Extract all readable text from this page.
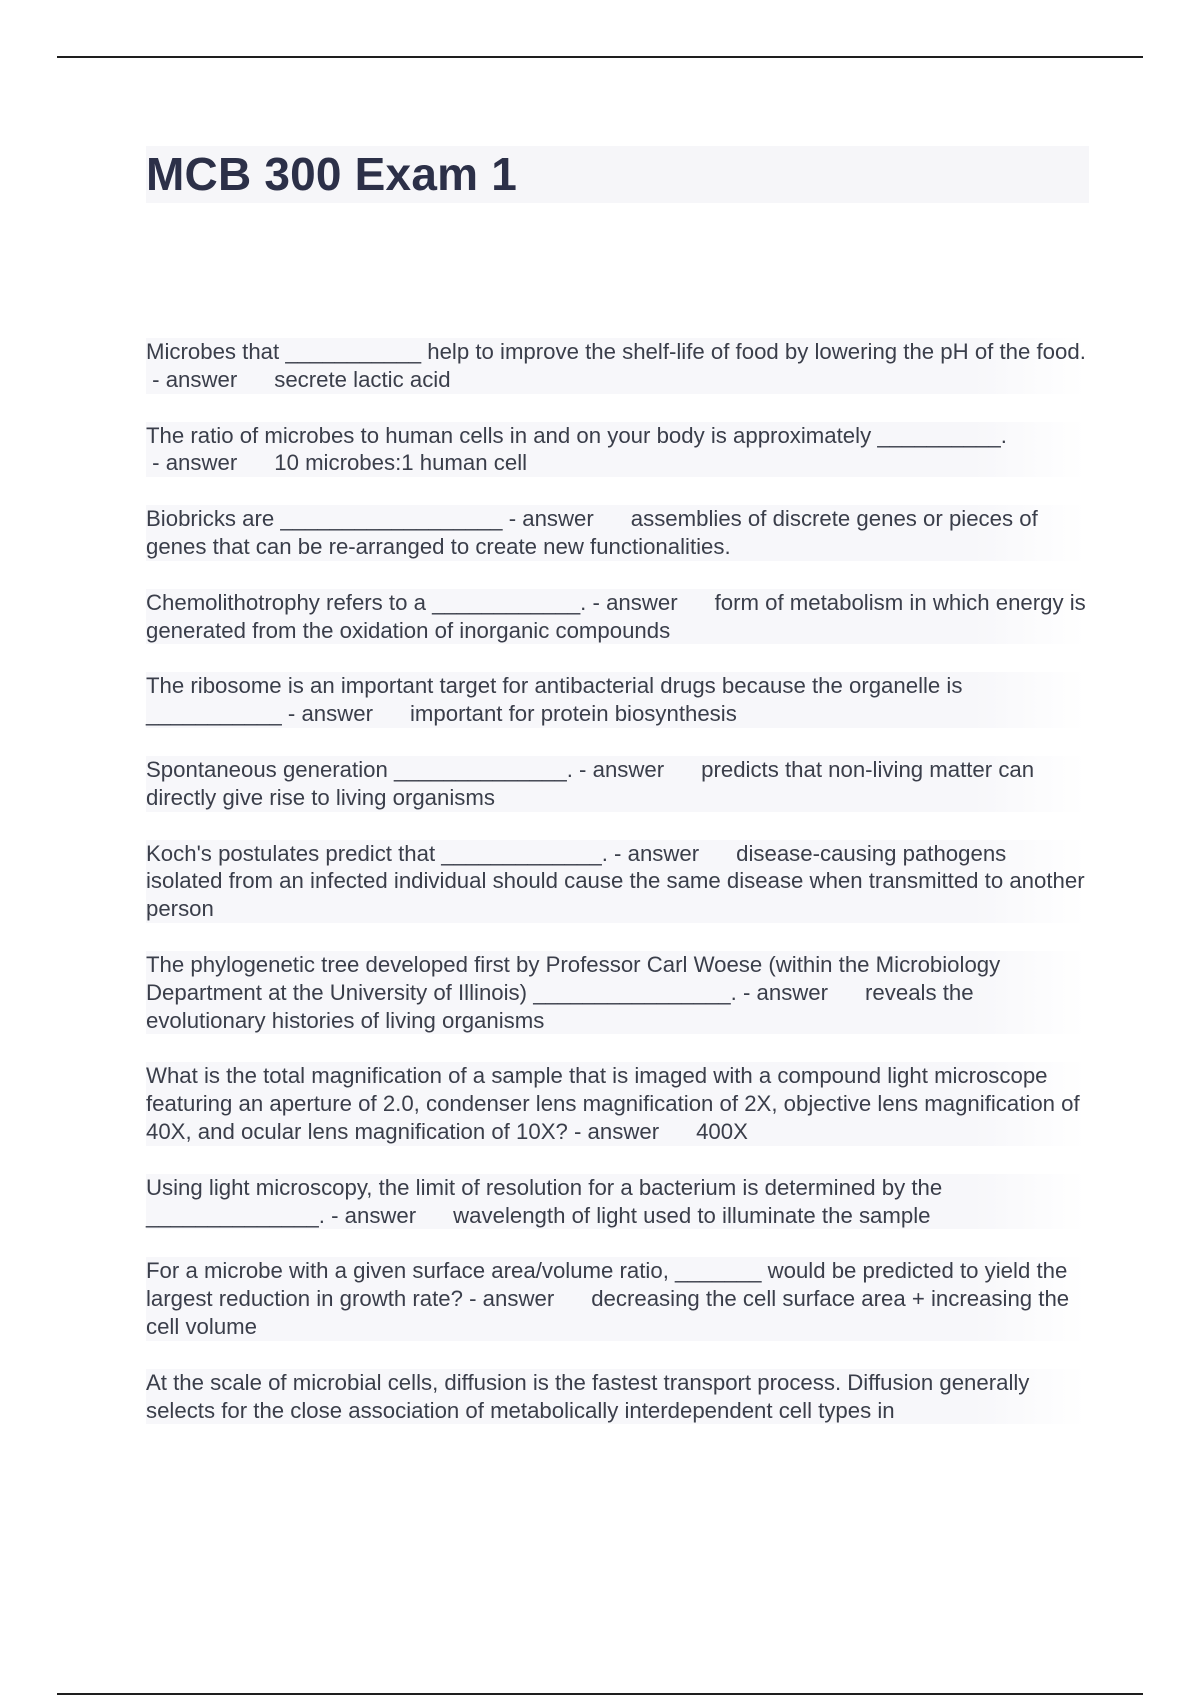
MCB 300 Exam 1

Microbes that ___________ help to improve the shelf-life of food by lowering the pH of the food. - answer      secrete lactic acid

The ratio of microbes to human cells in and on your body is approximately __________. - answer      10 microbes:1 human cell

Biobricks are __________________ - answer      assemblies of discrete genes or pieces of genes that can be re-arranged to create new functionalities.

Chemolithotrophy refers to a ____________. - answer      form of metabolism in which energy is generated from the oxidation of inorganic compounds

The ribosome is an important target for antibacterial drugs because the organelle is ___________ - answer      important for protein biosynthesis

Spontaneous generation ______________. - answer      predicts that non-living matter can directly give rise to living organisms

Koch's postulates predict that _____________. - answer      disease-causing pathogens isolated from an infected individual should cause the same disease when transmitted to another person

The phylogenetic tree developed first by Professor Carl Woese (within the Microbiology Department at the University of Illinois) ________________. - answer      reveals the evolutionary histories of living organisms

What is the total magnification of a sample that is imaged with a compound light microscope featuring an aperture of 2.0, condenser lens magnification of 2X, objective lens magnification of 40X, and ocular lens magnification of 10X? - answer      400X

Using light microscopy, the limit of resolution for a bacterium is determined by the ______________. - answer      wavelength of light used to illuminate the sample

For a microbe with a given surface area/volume ratio, _______ would be predicted to yield the largest reduction in growth rate? - answer      decreasing the cell surface area + increasing the cell volume

At the scale of microbial cells, diffusion is the fastest transport process. Diffusion generally selects for the close association of metabolically interdependent cell types in
